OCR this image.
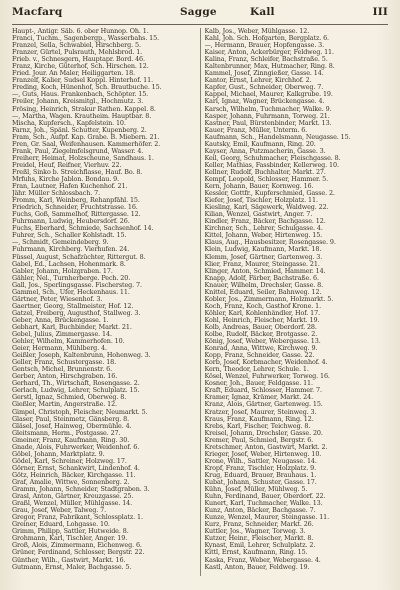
Macfarq	Sagge	Kall	III
Haupt-, Antigr. Säb. 6. ober Hunnop. Oh. 1.
Franci, Tuchm., Sagenbergp., Wasserbahs. 15.
Franzel, Sella, Schwabiel, Hirschberg. 5.
Franzer, Gürtel, Pulsrauth, Mehlsbrod. 1.
Frieb. v., Schnesgern, Hauptapr. Bord. 46.
Franz, Kirche, Güterhof, Sch. Hirschen. 12.
Fried. Jour. An Maler, Heiliggarten. 18.
Franzelf, Kalier, Sudsel Koppl. Hinterhof. 11.
Freding, Koch, Hünenhof, Sch. Brautbuche. 15.
—, Guts, Haus. Frankenbach, Schöpter. 15.
Freiler, Johann, Kreismitgl., Hochmutz. 3.
Frösing, Heinrich, Strakur Rathen. Kappel. 8.
—, Martha, Wagen. Krautheim. Hauptbar. 8.
Mischa, Kupfersch., Kapfelstein. 10.
Farnz, Joh., Spänl. Schutter, Kupenberg. 2.
Fram, Sch., Aufpf. Kap. Grabe. B. Miebern. 21.
Fren, Gr. Saal, Weifenhausen. Kammerhöfer. 2.
Frank, Paul, Ziegelmfelsgrund, Wasser. 4.
Freiherr, Heimat, Holzscheune, Sandhaus. 1.
Freidel, Heuf, Reifner, Vierhuv. 22.
Freßl, Sinko b. Streichflasse, Hauf. Bo. 8.
Mrfuhs, Kirche Jablon. Bondau. 9.
Fran, Lautner, Hafen Kuchenhof. 21.
Jähr. Müller Schlossbach. 7.
Fromm, Karl, Weinberg, Rehanpfähl. 15.
Friedrich, Schneider, Fruchtstrasse. 16.
Fuchs, Goß, Sammelhof, Rittergasse. 12.
Fuhrmann, Ludwig, Heubersdorf. 26.
Fuchs, Eberhard, Schmiede, Sachsenhof. 14.
Fuhrer, Sch., Schaller Kohlstadt. 15.
—, Schmidt, Gemeindeberg. 9.
Fuhrmann, Kirchberg. Vierhufen. 24.
Füssel, August, Schafzüchter, Rittergut. 8.
Gabel, Ed., Lachsen, Hohenmark. 8.
Gabler, Johann, Holzgraben. 17.
Gähler, Nel., Turnherberge. Pech. 20.
Gall, Jos., Sperlingsgasse. Fischersteg. 7.
Gammel, Sch., Ufer, Heckenhaus. 11.
Gärtner, Peter, Wiesenhof. 3.
Gaertner, Georg, Stallmeister, Hof. 12.
Gatzel, Freiberg, Augusthof, Stallweg. 3.
Geber, Anna, Brückengasse. 1.
Gebhart, Karl, Buchbinder, Markt. 21.
Gebel, Julius, Zimmergasse. 14.
Gehler, Wilhelm, Kammerhofen. 10.
Geier, Hermann, Mühlberg. 4.
Geißler, Joseph, Kaltenbrunn, Hohenweg. 3.
Geller, Franz, Schustergasse. 18.
Gentsch, Michel, Brunnenstr. 6.
Gerber, Anton, Hirschgraben. 16.
Gerhard, Th., Wirtschaft, Rosengasse. 2.
Gerlach, Ludwig, Lehrer, Schulplatz. 15.
Gerstl, Ignaz, Schmied, Oberweg. 8.
Gießler, Martin, Angerstraße. 12.
Gimpel, Christoph, Fleischer, Neumarkt. 5.
Glaser, Paul, Steinmetz, Gänsberg. 8.
Gläsel, Josef, Hainweg, Obermühle. 4.
Gleitsmann, Herm., Postgasse. 27.
Gmeiner, Franz, Kaufmann, Ring. 30.
Gnade, Alois, Fuhrwerker, Weidenhof. 6.
Göbel, Johann, Marktplatz. 9.
Gödel, Karl, Schreiner, Holzweg. 17.
Görner, Ernst, Schankwirt, Lindenhof. 4.
Götz, Heinrich, Bäcker, Kirchgasse. 11.
Graf, Amalie, Wittwe, Sonnenberg. 2.
Gramm, Johann, Schneider, Stadtgraben. 3.
Grasl, Anton, Gärtner, Kreuzgasse. 25.
Graßl, Wenzel, Müller, Mühlgasse. 14.
Grau, Josef, Weber, Talweg. 7.
Gregor, Franz, Fabrikant, Schlossplatz. 1.
Greiner, Eduard, Lohgasse. 10.
Grimm, Philipp, Sattler, Hutweide. 8.
Grohmann, Karl, Tischler, Anger. 19.
Groß, Alois, Zimmermann, Eichenweg. 6.
Grüner, Ferdinand, Schlosser, Bergstr. 22.
Günther, Wilh., Gastwirt, Markt. 16.
Gutmann, Ernst, Maler, Bachgasse. 5.
Kalb, Jos., Weber, Mühlgasse. 12.
Kahl, Joh. Sch. Hofgarten, Bergplatz. 6.
—, Hermann, Brauer, Hopfengasse. 3.
Kaiser, Anton, Ackerbürger, Feldweg. 11.
Kalina, Franz, Schleifer, Bachstraße. 5.
Kaltenbrunner, Max, Hutmacher, Ring. 8.
Kammel, Josef, Zinngießer, Gasse. 14.
Kantor, Ernst, Lehrer, Kirchhof. 2.
Kapfer, Gust., Schneider, Oberweg. 7.
Kappel, Michael, Maurer, Kalkgrube. 19.
Karl, Ignaz, Wagner, Brückengasse. 4.
Karsch, Wilhelm, Tuchmacher, Walke. 9.
Kasper, Johann, Fuhrmann, Torweg. 21.
Kastner, Paul, Bürstenbinder, Markt. 13.
Kauer, Franz, Müller, Unterm. 6.
Kaufmann, Sch., Handelsmann, Neugasse. 15.
Kautsky, Emil, Kaufmann, Ring. 20.
Kayser, Anna, Putzmacherin, Gasse. 3.
Keil, Georg, Schuhmacher, Fleischgasse. 8.
Keller, Mathias, Fassbinder, Kellerweg. 10.
Kellner, Rudolf, Buchhalter, Markt. 27.
Kempf, Leopold, Schlosser, Hammer. 5.
Kern, Johann, Bauer, Kornweg. 16.
Kessler, Gottfr., Kupferschmied, Gasse. 2.
Kiefer, Josef, Tischler, Holzplatz. 11.
Kiesling, Karl, Sägewerk, Waldweg. 22.
Kilian, Wenzel, Gastwirt, Anger. 7.
Kindler, Franz, Bäcker, Bachgasse. 12.
Kirchner, Sch., Lehrer, Schulgasse. 4.
Kittel, Johann, Weber, Hirtenweg. 15.
Klaus, Aug., Hausbesitzer, Rosengasse. 9.
Klein, Ludwig, Kaufmann, Markt. 18.
Klemm, Josef, Gärtner, Gartenweg. 3.
Klier, Franz, Maurer, Steingasse. 21.
Klinger, Anton, Schmied, Hammer. 14.
Knapp, Adolf, Färber, Bachstraße. 6.
Knauer, Wilhelm, Drechsler, Gasse. 8.
Knittel, Eduard, Seiler, Bahnweg. 12.
Kobler, Jos., Zimmermann, Holzmarkt. 5.
Koch, Franz, Koch, Gasthof Krone. 1.
Köhler, Karl, Kohlenhändler, Hof. 17.
Kohl, Heinrich, Fleischer, Markt. 19.
Kolb, Andreas, Bauer, Oberdorf. 28.
Kolbe, Rudolf, Bäcker, Brotgasse. 2.
König, Josef, Weber, Webergasse. 13.
Konrad, Anna, Wittwe, Kirchweg. 9.
Kopp, Franz, Schneider, Gasse. 22.
Korb, Josef, Korbmacher, Weidenhof. 4.
Kern, Theodor, Lehrer, Schule. 1.
Kösel, Wenzel, Fuhrwerker, Torweg. 16.
Kosner, Joh., Bauer, Feldgasse. 11.
Kraft, Eduard, Schlosser, Hammer. 7.
Kramer, Ignaz, Krämer, Markt. 24.
Kranz, Alois, Gärtner, Gartenweg. 15.
Kratzer, Josef, Maurer, Steinweg. 3.
Kraus, Franz, Kaufmann, Ring. 12.
Krebs, Karl, Fischer, Teichweg. 8.
Kreisel, Johann, Drechsler, Gasse. 20.
Kremer, Paul, Schmied, Bergstr. 6.
Kretschmer, Anton, Gastwirt, Markt. 2.
Krieger, Josef, Weber, Hirtenweg. 10.
Krone, Wilh., Sattler, Neugasse. 14.
Kropf, Franz, Tischler, Holzplatz. 9.
Krug, Eduard, Brauer, Brauhaus. 1.
Kubat, Johann, Schuster, Gasse. 17.
Kühn, Josef, Müller, Mühlweg. 5.
Kuhn, Ferdinand, Bauer, Oberdorf. 22.
Kunert, Karl, Tuchmacher, Walke. 13.
Kunz, Anton, Bäcker, Bachgasse. 7.
Kunze, Wenzel, Maurer, Steingasse. 11.
Kurz, Franz, Schneider, Markt. 26.
Kuttler, Jos., Wagner, Torweg. 3.
Kutzer, Heinr., Fleischer, Markt. 8.
Kynast, Emil, Lehrer, Schulplatz. 2.
Kittl, Ernst, Kaufmann, Ring. 15.
Kaska, Franz, Weber, Webergasse. 4.
Kastl, Anton, Bauer, Feldweg. 19.
